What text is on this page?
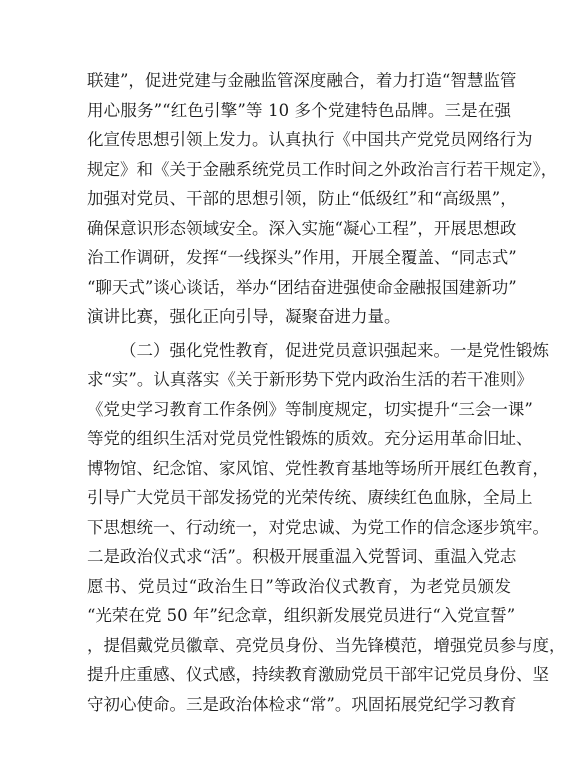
联建”，促进党建与金融监管深度融合，着力打造“智慧监管
用心服务”“红色引擎”等 10 多个党建特色品牌。三是在强
化宣传思想引领上发力。认真执行《中国共产党党员网络行为
规定》和《关于金融系统党员工作时间之外政治言行若干规定》，
加强对党员、干部的思想引领，防止“低级红”和“高级黑”，
确保意识形态领域安全。深入实施“凝心工程”，开展思想政
治工作调研，发挥“一线探头”作用，开展全覆盖、“同志式”
“聊天式”谈心谈话，举办“团结奋进强使命金融报国建新功”
演讲比赛，强化正向引导，凝聚奋进力量。
（二）强化党性教育，促进党员意识强起来。一是党性锻炼
求“实”。认真落实《关于新形势下党内政治生活的若干准则》
《党史学习教育工作条例》等制度规定，切实提升“三会一课”
等党的组织生活对党员党性锻炼的质效。充分运用革命旧址、
博物馆、纪念馆、家风馆、党性教育基地等场所开展红色教育，
引导广大党员干部发扬党的光荣传统、赓续红色血脉，全局上
下思想统一、行动统一，对党忠诚、为党工作的信念逐步筑牢。
二是政治仪式求“活”。积极开展重温入党誓词、重温入党志
愿书、党员过“政治生日”等政治仪式教育，为老党员颁发
“光荣在党 50 年”纪念章，组织新发展党员进行“入党宣誓”
，提倡戴党员徽章、亮党员身份、当先锋模范，增强党员参与度，
提升庄重感、仪式感，持续教育激励党员干部牢记党员身份、坚
守初心使命。三是政治体检求“常”。巩固拓展党纪学习教育
